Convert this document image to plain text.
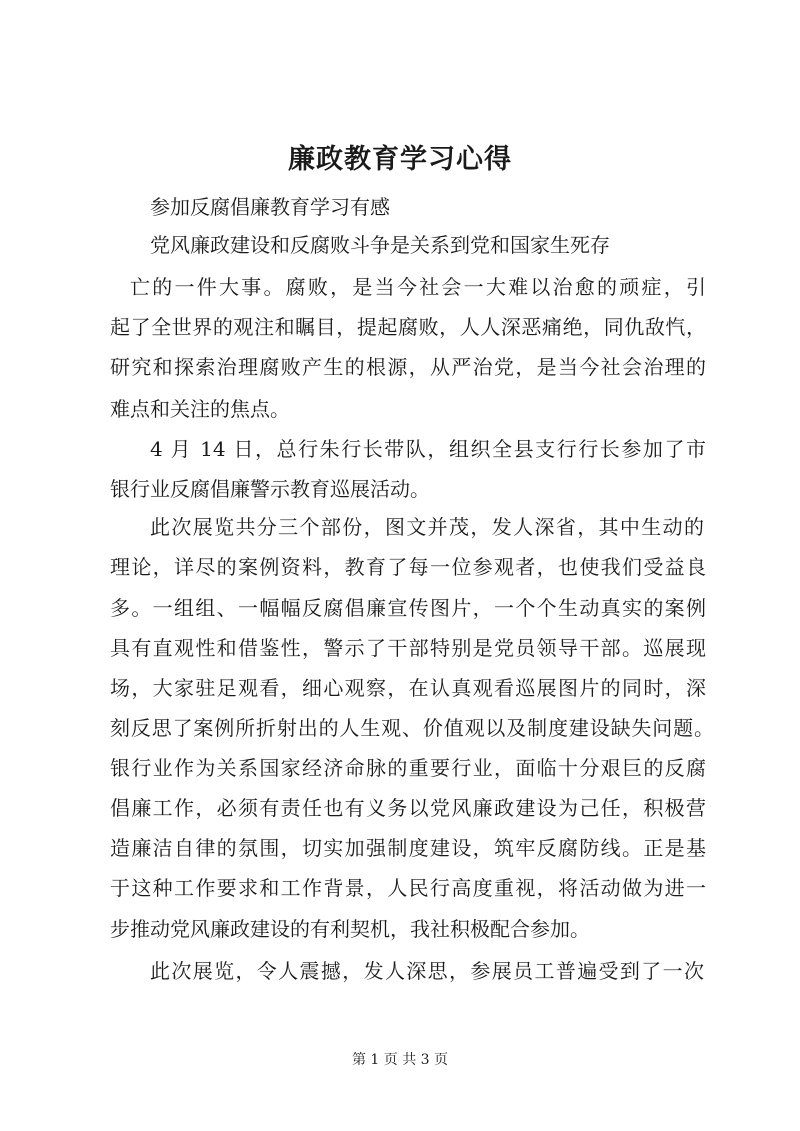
廉政教育学习心得

参加反腐倡廉教育学习有感

党风廉政建设和反腐败斗争是关系到党和国家生死存

亡的一件大事。腐败，是当今社会一大难以治愈的顽症，引

起了全世界的观注和瞩目，提起腐败，人人深恶痛绝，同仇敌忾，

研究和探索治理腐败产生的根源，从严治党，是当今社会治理的

难点和关注的焦点。

4 月 14 日，总行朱行长带队，组织全县支行行长参加了市

银行业反腐倡廉警示教育巡展活动。

此次展览共分三个部份，图文并茂，发人深省，其中生动的

理论，详尽的案例资料，教育了每一位参观者，也使我们受益良

多。一组组、一幅幅反腐倡廉宣传图片，一个个生动真实的案例

具有直观性和借鉴性，警示了干部特别是党员领导干部。巡展现

场，大家驻足观看，细心观察，在认真观看巡展图片的同时，深

刻反思了案例所折射出的人生观、价值观以及制度建设缺失问题。

银行业作为关系国家经济命脉的重要行业，面临十分艰巨的反腐

倡廉工作，必须有责任也有义务以党风廉政建设为己任，积极营

造廉洁自律的氛围，切实加强制度建设，筑牢反腐防线。正是基

于这种工作要求和工作背景，人民行高度重视，将活动做为进一

步推动党风廉政建设的有利契机，我社积极配合参加。

此次展览，令人震撼，发人深思，参展员工普遍受到了一次

第 1 页 共 3 页
